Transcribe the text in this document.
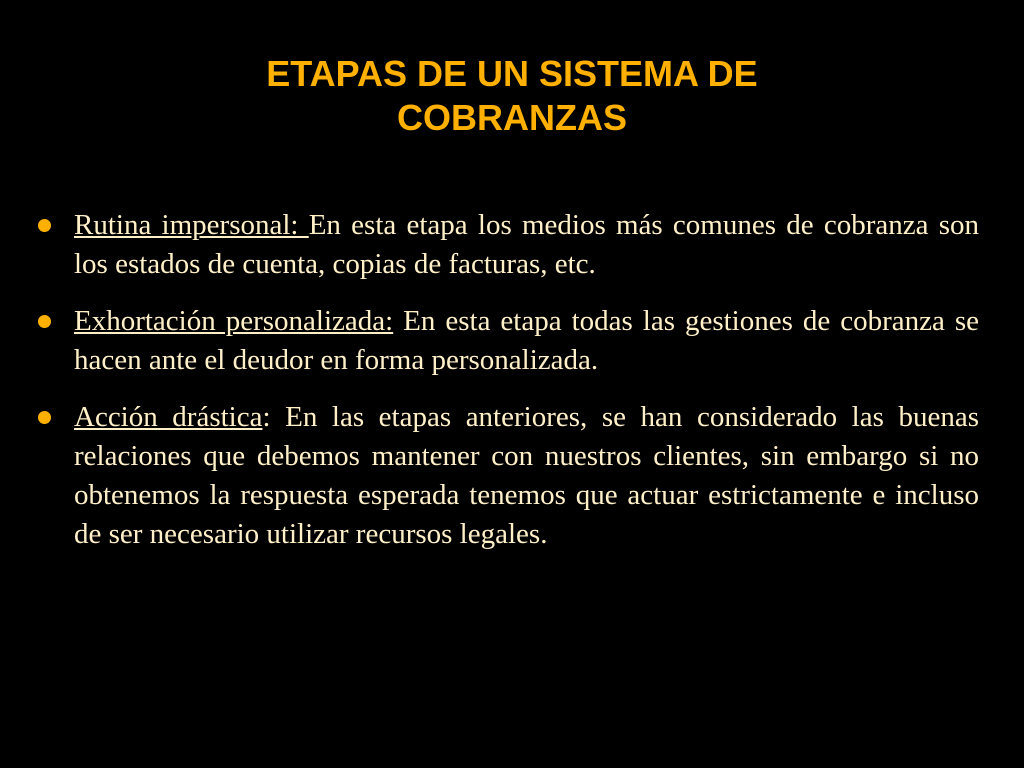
ETAPAS DE UN SISTEMA DE
COBRANZAS
Rutina impersonal: En esta etapa los medios más comunes de cobranza son los estados de cuenta, copias de facturas, etc.
Exhortación personalizada: En esta etapa todas las gestiones de cobranza se hacen ante el deudor en forma personalizada.
Acción drástica: En las etapas anteriores, se han considerado las buenas relaciones que debemos mantener con nuestros clientes, sin embargo si no obtenemos la respuesta esperada tenemos que actuar estrictamente e incluso de ser necesario utilizar recursos legales.
